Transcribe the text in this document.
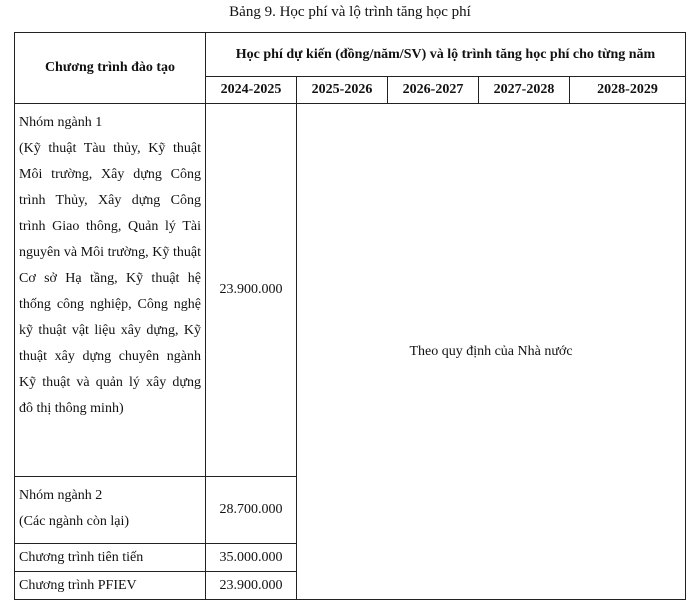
Bảng 9. Học phí và lộ trình tăng học phí
Chương trình đào tạo	Học phí dự kiến (đồng/năm/SV) và lộ trình tăng học phí cho từng năm				
	2024-2025	2025-2026	2026-2027	2027-2028	2028-2029

Nhóm ngành 1
(Kỹ thuật Tàu thủy, Kỹ thuật Môi trường, Xây dựng Công trình Thủy, Xây dựng Công trình Giao thông, Quản lý Tài nguyên và Môi trường, Kỹ thuật Cơ sở Hạ tầng, Kỹ thuật hệ thống công nghiệp, Công nghệ kỹ thuật vật liệu xây dựng, Kỹ thuật xây dựng chuyên ngành Kỹ thuật và quản lý xây dựng đô thị thông minh)	23.900.000	Theo quy định của Nhà nước			

Nhóm ngành 2
(Các ngành còn lại)	28.700.000				
Chương trình tiên tiến	35.000.000				
Chương trình PFIEV	23.900.000				
